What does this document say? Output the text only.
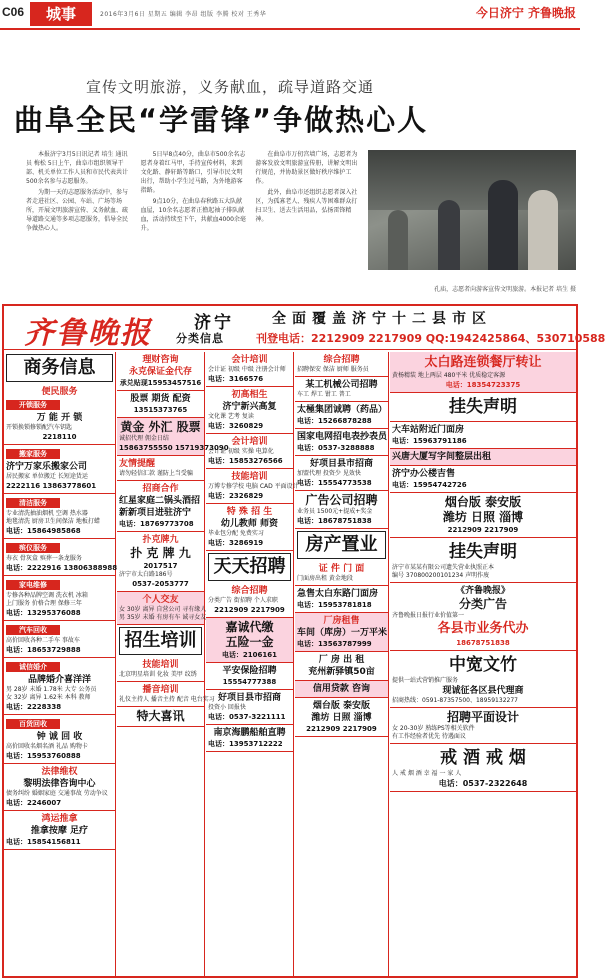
C06	城事	2016年3月6日 星期五 编辑 李昂 组版 李腾 校对 王秀华	今日济宁 齐鲁晚报
宣传文明旅游，义务献血，疏导道路交通
曲阜全民“学雷锋”争做热心人

本报济宁3月5日讯记者 培生 通讯员 梅松 5日上午，曲阜市组织领导干部、机关单位工作人员和市民代表共计500余名参与志愿服务。

为期一天的志愿服务活动中，参与者走进社区、公园、车站、广场等场所，开展文明旅游宣传、义务献血、疏导道路交通等多项志愿服务，倡导全民争做热心人。

5日早8点40分，曲阜市500余名志愿者身着红马甲，手持宣传材料，来到文化路、静轩路等路口，引导市民文明出行，帮助小学生过马路，为外地游客指路。

9点10分，在曲阜春秋路五大队献血屋，10余名志愿者正撸起袖子排队献血，活动持续至下午，共献血4000余毫升。

在曲阜市万仞宫墙广场，志愿者为游客发放文明旅游宣传册，讲解文明出行规范，并协助景区做好秩序维护工作。

此外，曲阜市还组织志愿者深入社区，为孤寡老人、残疾人等困难群众打扫卫生、送去生活用品，弘扬雷锋精神。

孔庙，志愿者向游客宣传文明旅游。本报记者 培生 摄
齐鲁晚报 济宁
分类信息
全面覆盖济宁十二县市区
刊登电话：2212909 2217909 QQ:1942425864、530710588
商务信息
便民服务
开锁服务
万 能 开 锁
开锁换锁修锁配汽车钥匙
2218110
搬家服务
济宁万家乐搬家公司
居民搬家 单位搬迁 长短途货运
2222116 13863778601
清洁服务
专业清洗抽油烟机 空调 热水器
地毯清洗 厨房卫生间保洁 地板打蜡
电话：15864985868
殡仪服务
寿衣 骨灰盒 殡葬一条龙服务
电话：2222916 13806388988
家电维修
专修各种品牌空调 洗衣机 冰箱
上门服务 价格合理 保修三年
电话：13295376088
汽车回收
高价回收各种二手车 事故车
电话：18653729888
诚信婚介
品牌婚介喜洋洋
男 28岁 未婚 1.78米 大专 公务员
女 32岁 离异 1.62米 本科 教师
电话：2228338
百货回收
钟 诚 回 收
高价回收名烟名酒 礼品 购物卡
电话：15953760888
法律维权
黎明法律咨询中心
债务纠纷 婚姻家庭 交通事故 劳动争议
电话：2246007
鸿运推拿
推拿按摩 足疗
电话：15854156811
理财咨询
永克保证金代存
承兑贴现15953457516
股票 期货 配资
13515373765
黄金 外汇 股票
诚招代理 佣金日结
15863755550 15719373090
友情提醒
请勿轻信汇款 谨防上当受骗
招商合作
红星家庭二锅头酒招
新新项目进驻济宁
电话：18769773708
扑克牌九
扑 克 牌 九
2017517
济宁市太白路186号
0537-2053777
个人交友
女 30岁 离异 自营公司 寻有缘人
男 35岁 未婚 有房有车 诚寻女友
招生培训
技能培训
北京明星培训 化妆 美甲 纹绣
播音培训
礼仪主持人 播音主持 配音 电台实习
特大喜讯
会计培训
会计证 初级 中级 注册会计师
电话：3166576
初高相生
济宁新兴高复
文化课 艺考 复读
电话：3260829
会计培训
会计证 初级 实操 电算化
电话：15853276566
技能培训
万博专修学校 电脑 CAD 平面设计
电话：2326829
特 殊 招 生
幼儿教师 师资
毕业包分配 免费实习
电话：3286919
天天招聘
综合招聘
分类广告 街招聘 个人求职
2212909 2217909
嘉诚代缴
五险一金
电话：2106161
平安保险招聘
15554777388
好项目县市招商
投资小 回报快
电话：0537-3221111
南京海鹏船舶直聘
电话：13953712222
综合招聘
招聘保安 保洁 厨师 服务员
某工机械公司招聘
车工 焊工 钳工 普工
太極集团诚聘（药品）
电话：15266878288
国家电网招电表抄表员
电话：0537-3288888
好项目县市招商
加盟代理 投资少 见效快
电话：15554773538
广告公司招聘
业务员 1500元+提成+奖金
电话：18678751838
房产置业
证 件 门 面
门面房出租 黄金地段
急售太白东路门面房
电话：15953781818
厂房租售
车间（库房）一万平米
电话：13563787999
厂 房 出 租
兖州新驿镇50亩
信用贷款 咨询
烟台版 泰安版
潍坊 日照 淄博
2212909 2217909
太白路连锁餐厅转让
黄杨精装 地上两层 480平米 优质稳定客源
电话：18354723375
挂失声明
大车站附近门面房
电话：15963791186
兴唐大厦写字间整层出租
济宁办公楼吉售
电话：15954742726
烟台版 泰安版
潍坊 日照 淄博
2212909 2217909
挂失声明
济宁市某某有限公司遗失营业执照正本
编号 370800200101234 声明作废
《齐鲁晚报》
分类广告
齐鲁晚报日报行业价值第一
各县市业务代办
18678751838
中宽文竹
提供一站式营销推广服务
现诚征各区县代理商
招商热线：0591-87357500、18959132277
招聘平面设计
女 20-30岁 熟练PS等相关软件
有工作经验者优先 待遇面议
戒 酒 戒 烟
人 戒 烟 酒 幸 福 一 家 人
电话：0537-2322648
